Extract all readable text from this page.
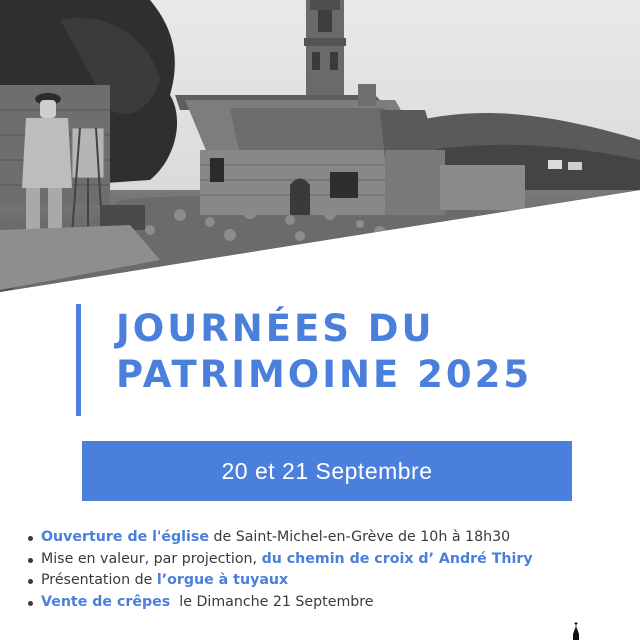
JOURNÉES DU
PATRIMOINE 2025
20 et 21 Septembre
Ouverture de l'église de Saint-Michel-en-Grève de 10h à 18h30
Mise en valeur, par projection, du chemin de croix d’ André Thiry
Présentation de l’orgue à tuyaux
Vente de crêpes  le Dimanche 21 Septembre
